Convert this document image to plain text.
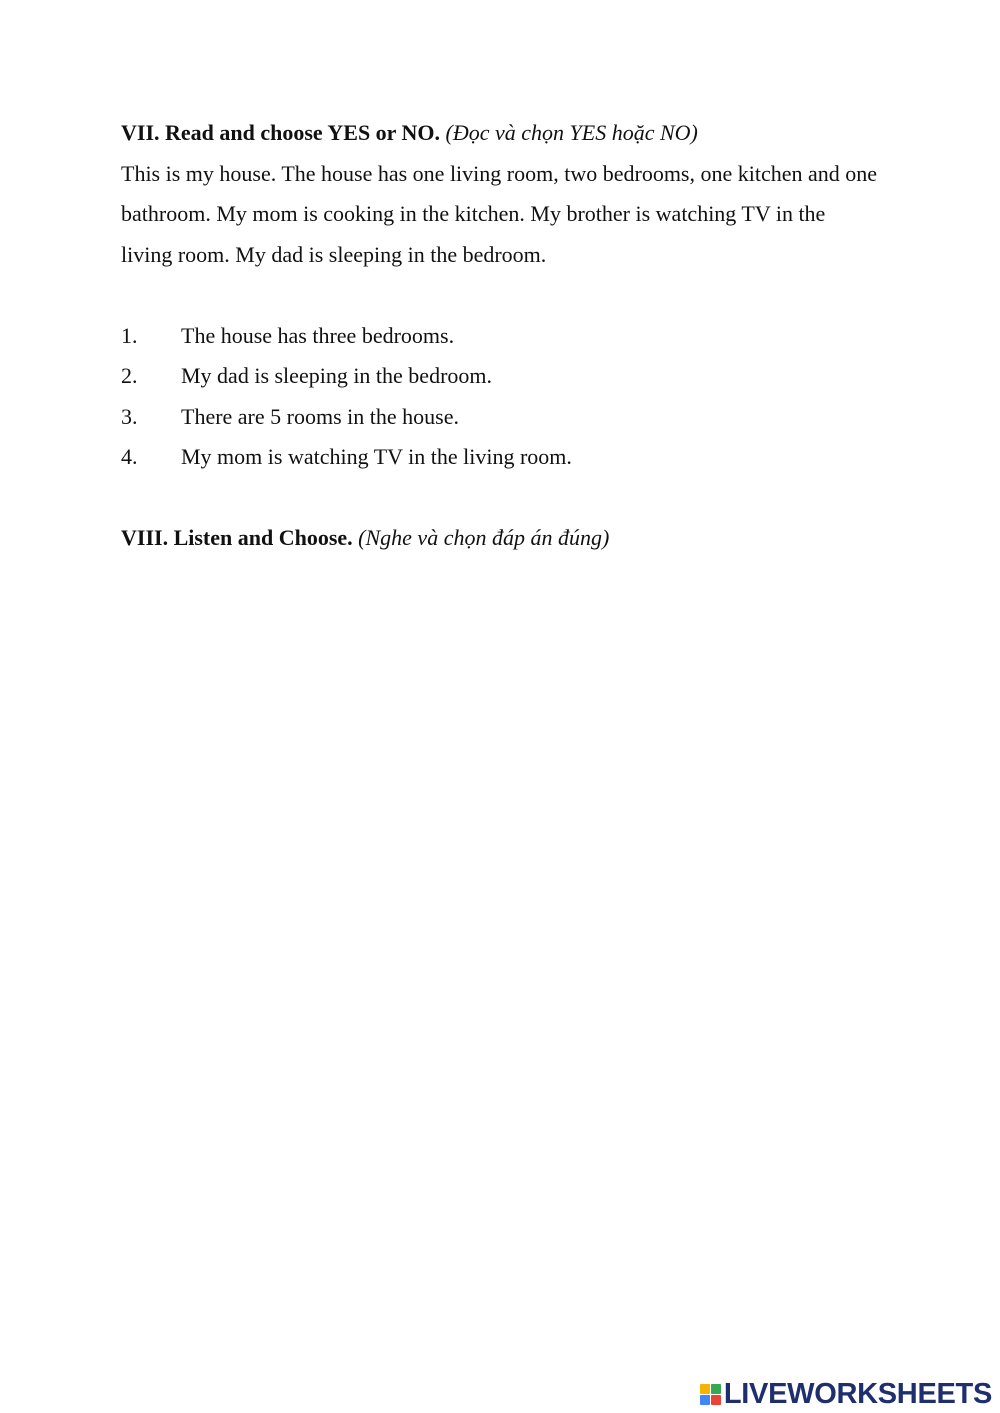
VII. Read and choose YES or NO. (Đọc và chọn YES hoặc NO)

This is my house. The house has one living room, two bedrooms, one kitchen and one bathroom. My mom is cooking in the kitchen. My brother is watching TV in the living room. My dad is sleeping in the bedroom.

1.	The house has three bedrooms.
2.	My dad is sleeping in the bedroom.
3.	There are 5 rooms in the house.
4.	My mom is watching TV in the living room.

VIII. Listen and Choose. (Nghe và chọn đáp án đúng)

LIVEWORKSHEETS
